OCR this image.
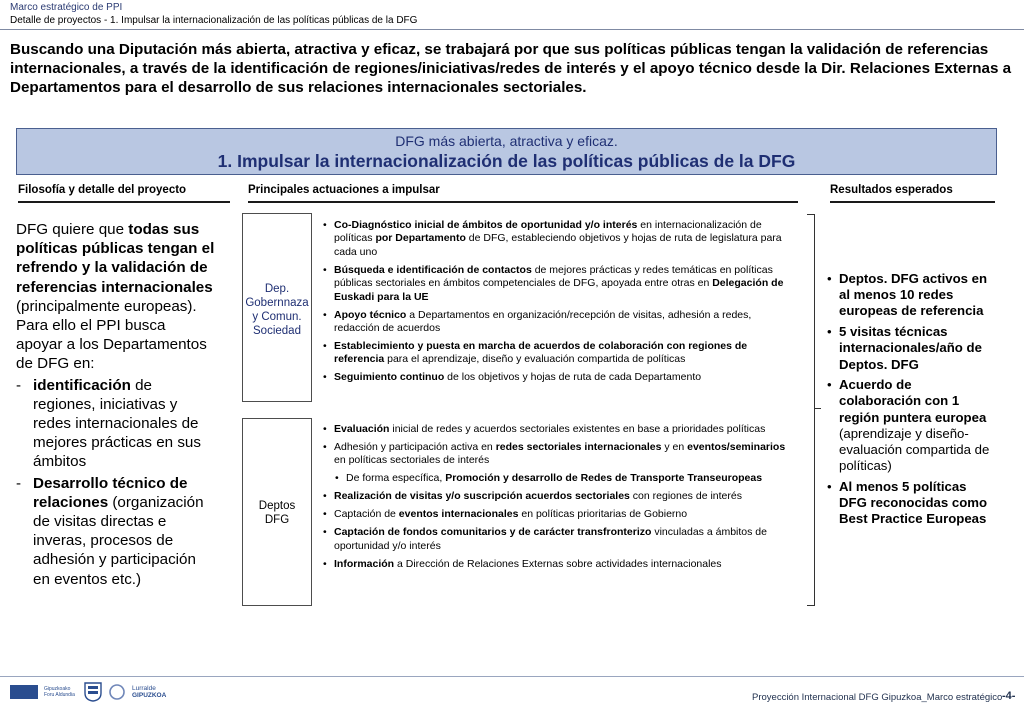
Marco estratégico de PPI
Detalle de proyectos - 1. Impulsar la internacionalización de las políticas públicas de la DFG
Buscando una Diputación más abierta, atractiva y eficaz, se trabajará por que sus políticas públicas tengan la validación de referencias internacionales, a través de la identificación de regiones/iniciativas/redes de interés y el apoyo técnico desde la Dir. Relaciones Externas a Departamentos para el desarrollo de sus relaciones internacionales sectoriales.
DFG más abierta, atractiva y eficaz.
1. Impulsar la internacionalización de las políticas públicas de la DFG
Filosofía y detalle del proyecto	Principales actuaciones a impulsar	Resultados esperados
DFG quiere que todas sus políticas públicas tengan el refrendo y la validación de referencias internacionales (principalmente europeas). Para ello el PPI busca apoyar a los Departamentos de DFG en:
- identificación de regiones, iniciativas y redes internacionales de mejores prácticas en sus ámbitos
- Desarrollo técnico de relaciones (organización de visitas directas e inveras, procesos de adhesión y participación en eventos etc.)
Dep.
Gobernnaza
y Comun.
Sociedad
Deptos
DFG
• Co-Diagnóstico inicial de ámbitos de oportunidad y/o interés en internacionalización de políticas por Departamento de DFG, estableciendo objetivos y hojas de ruta de legislatura para cada uno
• Búsqueda e identificación de contactos de mejores prácticas y redes temáticas en políticas públicas sectoriales en ámbitos competenciales de DFG, apoyada entre otras en Delegación de Euskadi para la UE
• Apoyo técnico a Departamentos en organización/recepción de visitas, adhesión a redes, redacción de acuerdos
• Establecimiento y puesta en marcha de acuerdos de colaboración con regiones de referencia para el aprendizaje, diseño y evaluación compartida de políticas
• Seguimiento continuo de los objetivos y hojas de ruta de cada Departamento
• Evaluación inicial de redes y acuerdos sectoriales existentes en base a prioridades políticas
• Adhesión y participación activa en redes sectoriales internacionales y en eventos/seminarios en políticas sectoriales de interés
• De forma específica, Promoción y desarrollo de Redes de Transporte Transeuropeas
• Realización de visitas y/o suscripción acuerdos sectoriales con regiones de interés
• Captación de eventos internacionales en políticas prioritarias de Gobierno
• Captación de fondos comunitarios y de carácter transfronterizo vinculadas a ámbitos de oportunidad y/o interés
• Información a Dirección de Relaciones Externas sobre actividades internacionales
• Deptos. DFG activos en al menos 10 redes europeas de referencia
• 5 visitas técnicas internacionales/año de Deptos. DFG
• Acuerdo de colaboración con 1 región puntera europea (aprendizaje y diseño-evaluación compartida de políticas)
• Al menos 5 políticas DFG reconocidas como Best Practice Europeas
Gipuzkoako Foru Aldundia
Lurralde
GIPUZKOA	Proyección Internacional DFG Gipuzkoa_Marco estratégico -4-
